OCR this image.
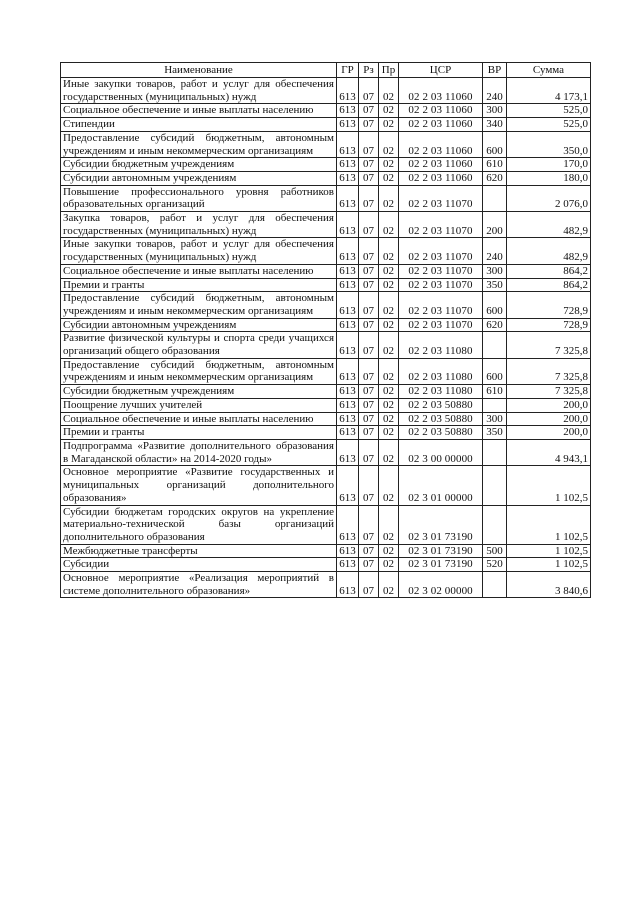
Наименование	ГР	Рз	Пр	ЦСР	ВР	Сумма
Иные закупки товаров, работ и услуг для обеспечения государственных (муниципальных) нужд	613	07	02	02 2 03 11060	240	4 173,1
Социальное обеспечение и иные выплаты населению	613	07	02	02 2 03 11060	300	525,0
Стипендии	613	07	02	02 2 03 11060	340	525,0
Предоставление субсидий бюджетным, автономным учреждениям и иным некоммерческим организациям	613	07	02	02 2 03 11060	600	350,0
Субсидии бюджетным учреждениям	613	07	02	02 2 03 11060	610	170,0
Субсидии автономным учреждениям	613	07	02	02 2 03 11060	620	180,0
Повышение профессионального уровня работников образовательных организаций	613	07	02	02 2 03 11070		2 076,0
Закупка товаров, работ и услуг для обеспечения государственных (муниципальных) нужд	613	07	02	02 2 03 11070	200	482,9
Иные закупки товаров, работ и услуг для обеспечения государственных (муниципальных) нужд	613	07	02	02 2 03 11070	240	482,9
Социальное обеспечение и иные выплаты населению	613	07	02	02 2 03 11070	300	864,2
Премии и гранты	613	07	02	02 2 03 11070	350	864,2
Предоставление субсидий бюджетным, автономным учреждениям и иным некоммерческим организациям	613	07	02	02 2 03 11070	600	728,9
Субсидии автономным учреждениям	613	07	02	02 2 03 11070	620	728,9
Развитие физической культуры и спорта среди учащихся организаций общего образования	613	07	02	02 2 03 11080		7 325,8
Предоставление субсидий бюджетным, автономным учреждениям и иным некоммерческим организациям	613	07	02	02 2 03 11080	600	7 325,8
Субсидии бюджетным учреждениям	613	07	02	02 2 03 11080	610	7 325,8
Поощрение лучших учителей	613	07	02	02 2 03 50880		200,0
Социальное обеспечение и иные выплаты населению	613	07	02	02 2 03 50880	300	200,0
Премии и гранты	613	07	02	02 2 03 50880	350	200,0
Подпрограмма «Развитие дополнительного образования в Магаданской области» на 2014-2020 годы»	613	07	02	02 3 00 00000		4 943,1
Основное мероприятие «Развитие государственных и муниципальных организаций дополнительного образования»	613	07	02	02 3 01 00000		1 102,5
Субсидии бюджетам городских округов на укрепление материально-технической базы организаций дополнительного образования	613	07	02	02 3 01 73190		1 102,5
Межбюджетные трансферты	613	07	02	02 3 01 73190	500	1 102,5
Субсидии	613	07	02	02 3 01 73190	520	1 102,5
Основное мероприятие «Реализация мероприятий в системе дополнительного образования»	613	07	02	02 3 02 00000		3 840,6
